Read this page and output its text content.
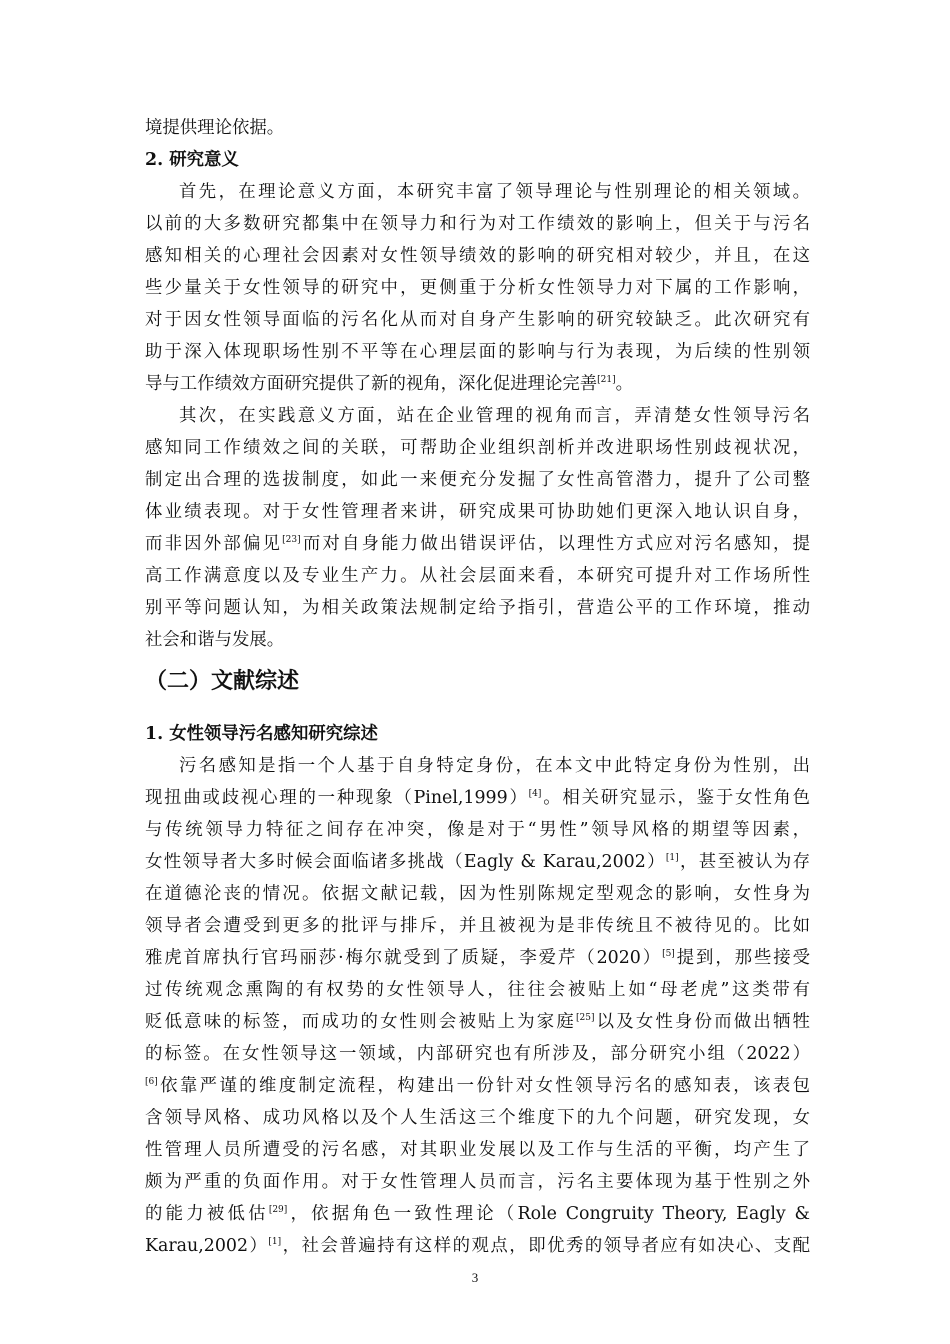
境提供理论依据。
2. 研究意义
首先，在理论意义方面，本研究丰富了领导理论与性别理论的相关领域。
以前的大多数研究都集中在领导力和行为对工作绩效的影响上，但关于与污名
感知相关的心理社会因素对女性领导绩效的影响的研究相对较少，并且，在这
些少量关于女性领导的研究中，更侧重于分析女性领导力对下属的工作影响，
对于因女性领导面临的污名化从而对自身产生影响的研究较缺乏。此次研究有
助于深入体现职场性别不平等在心理层面的影响与行为表现，为后续的性别领
导与工作绩效方面研究提供了新的视角，深化促进理论完善[21]。
其次，在实践意义方面，站在企业管理的视角而言，弄清楚女性领导污名
感知同工作绩效之间的关联，可帮助企业组织剖析并改进职场性别歧视状况，
制定出合理的选拔制度，如此一来便充分发掘了女性高管潜力，提升了公司整
体业绩表现。对于女性管理者来讲，研究成果可协助她们更深入地认识自身，
而非因外部偏见[23]而对自身能力做出错误评估，以理性方式应对污名感知，提
高工作满意度以及专业生产力。从社会层面来看，本研究可提升对工作场所性
别平等问题认知，为相关政策法规制定给予指引，营造公平的工作环境，推动
社会和谐与发展。
（二）文献综述
1. 女性领导污名感知研究综述
污名感知是指一个人基于自身特定身份，在本文中此特定身份为性别，出
现扭曲或歧视心理的一种现象（Pinel,1999）[4]。相关研究显示，鉴于女性角色
与传统领导力特征之间存在冲突，像是对于“男性”领导风格的期望等因素，
女性领导者大多时候会面临诸多挑战（Eagly & Karau,2002）[1]，甚至被认为存
在道德沦丧的情况。依据文献记载，因为性别陈规定型观念的影响，女性身为
领导者会遭受到更多的批评与排斥，并且被视为是非传统且不被待见的。比如
雅虎首席执行官玛丽莎·梅尔就受到了质疑，李爱芹（2020）[5]提到，那些接受
过传统观念熏陶的有权势的女性领导人，往往会被贴上如“母老虎”这类带有
贬低意味的标签，而成功的女性则会被贴上为家庭[25]以及女性身份而做出牺牲
的标签。在女性领导这一领域，内部研究也有所涉及，部分研究小组（2022）
[6]依靠严谨的维度制定流程，构建出一份针对女性领导污名的感知表，该表包
含领导风格、成功风格以及个人生活这三个维度下的九个问题，研究发现，女
性管理人员所遭受的污名感，对其职业发展以及工作与生活的平衡，均产生了
颇为严重的负面作用。对于女性管理人员而言，污名主要体现为基于性别之外
的能力被低估[29]，依据角色一致性理论（Role Congruity Theory, Eagly &
Karau,2002）[1]，社会普遍持有这样的观点，即优秀的领导者应有如决心、支配
3
